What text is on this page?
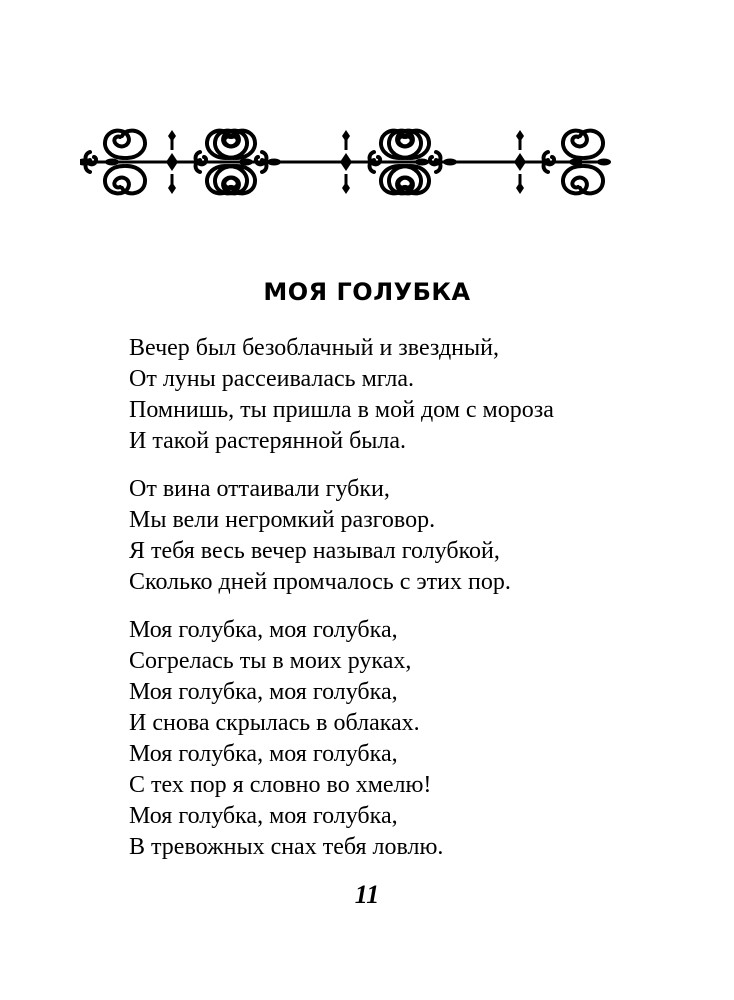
МОЯ ГОЛУБКА
Вечер был безоблачный и звездный,
От луны рассеивалась мгла.
Помнишь, ты пришла в мой дом с мороза
И такой растерянной была.
От вина оттаивали губки,
Мы вели негромкий разговор.
Я тебя весь вечер называл голубкой,
Сколько дней промчалось с этих пор.
Моя голубка, моя голубка,
Согрелась ты в моих руках,
Моя голубка, моя голубка,
И снова скрылась в облаках.
Моя голубка, моя голубка,
С тех пор я словно во хмелю!
Моя голубка, моя голубка,
В тревожных снах тебя ловлю.
11
